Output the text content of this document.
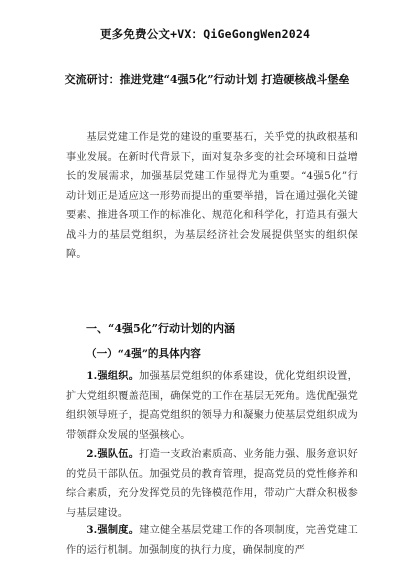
更多免费公文+VX：QiGeGongWen2024
交流研讨：推进党建“4强5化”行动计划 打造硬核战斗堡垒
基层党建工作是党的建设的重要基石，关乎党的执政根基和事业发展。在新时代背景下，面对复杂多变的社会环境和日益增长的发展需求，加强基层党建工作显得尤为重要。“4强5化”行动计划正是适应这一形势而提出的重要举措，旨在通过强化关键要素、推进各项工作的标准化、规范化和科学化，打造具有强大战斗力的基层党组织，为基层经济社会发展提供坚实的组织保障。
一、“4强5化”行动计划的内涵
（一）“4强”的具体内容
1.强组织。加强基层党组织的体系建设，优化党组织设置，扩大党组织覆盖范围，确保党的工作在基层无死角。选优配强党组织领导班子，提高党组织的领导力和凝聚力使基层党组织成为带领群众发展的坚强核心。
2.强队伍。打造一支政治素质高、业务能力强、服务意识好的党员干部队伍。加强党员的教育管理，提高党员的党性修养和综合素质，充分发挥党员的先锋模范作用，带动广大群众积极参与基层建设。
3.强制度。建立健全基层党建工作的各项制度，完善党建工作的运行机制。加强制度的执行力度，确保制度的严
